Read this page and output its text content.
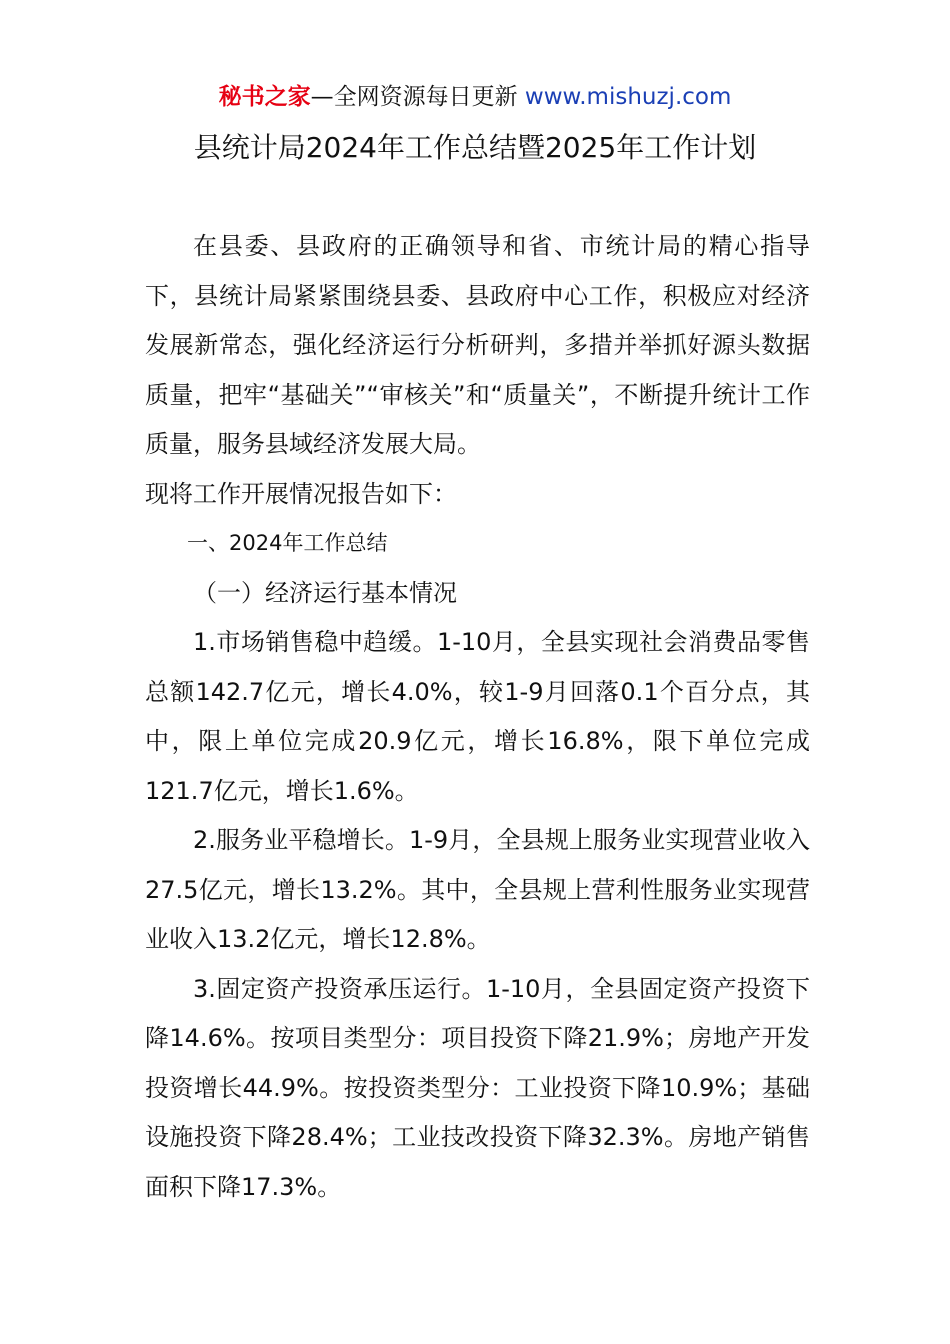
秘书之家—全网资源每日更新 www.mishuzj.com
县统计局2024年工作总结暨2025年工作计划

在县委、县政府的正确领导和省、市统计局的精心指导下，县统计局紧紧围绕县委、县政府中心工作，积极应对经济发展新常态，强化经济运行分析研判，多措并举抓好源头数据质量，把牢“基础关”“审核关”和“质量关”，不断提升统计工作质量，服务县域经济发展大局。

现将工作开展情况报告如下：

一、2024年工作总结

（一）经济运行基本情况

1.市场销售稳中趋缓。1-10月，全县实现社会消费品零售总额142.7亿元，增长4.0%，较1-9月回落0.1个百分点，其中，限上单位完成20.9亿元，增长16.8%，限下单位完成121.7亿元，增长1.6%。

2.服务业平稳增长。1-9月，全县规上服务业实现营业收入27.5亿元，增长13.2%。其中，全县规上营利性服务业实现营业收入13.2亿元，增长12.8%。

3.固定资产投资承压运行。1-10月，全县固定资产投资下降14.6%。按项目类型分：项目投资下降21.9%；房地产开发投资增长44.9%。按投资类型分：工业投资下降10.9%；基础设施投资下降28.4%；工业技改投资下降32.3%。房地产销售面积下降17.3%。
